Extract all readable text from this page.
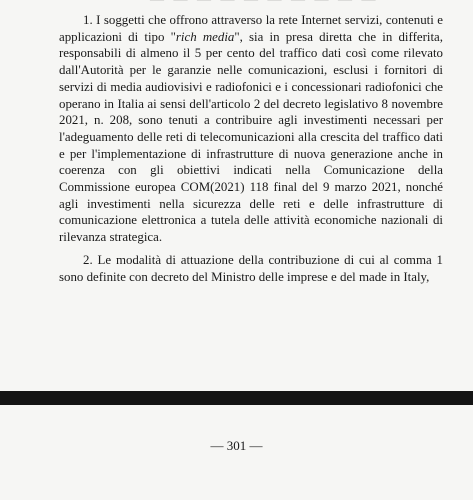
1. I soggetti che offrono attraverso la rete Internet servizi, contenuti e applicazioni di tipo "rich media", sia in presa diretta che in differita, responsabili di almeno il 5 per cento del traffico dati così come rilevato dall'Autorità per le garanzie nelle comunicazioni, esclusi i fornitori di servizi di media audiovisivi e radiofonici e i concessionari radiofonici che operano in Italia ai sensi dell'articolo 2 del decreto legislativo 8 novembre 2021, n. 208, sono tenuti a contribuire agli investimenti necessari per l'adeguamento delle reti di telecomunicazioni alla crescita del traffico dati e per l'implementazione di infrastrutture di nuova generazione anche in coerenza con gli obiettivi indicati nella Comunicazione della Commissione europea COM(2021) 118 final del 9 marzo 2021, nonché agli investimenti nella sicurezza delle reti e delle infrastrutture di comunicazione elettronica a tutela delle attività economiche nazionali di rilevanza strategica.

2. Le modalità di attuazione della contribuzione di cui al comma 1 sono definite con decreto del Ministro delle imprese e del made in Italy,

— 301 —
